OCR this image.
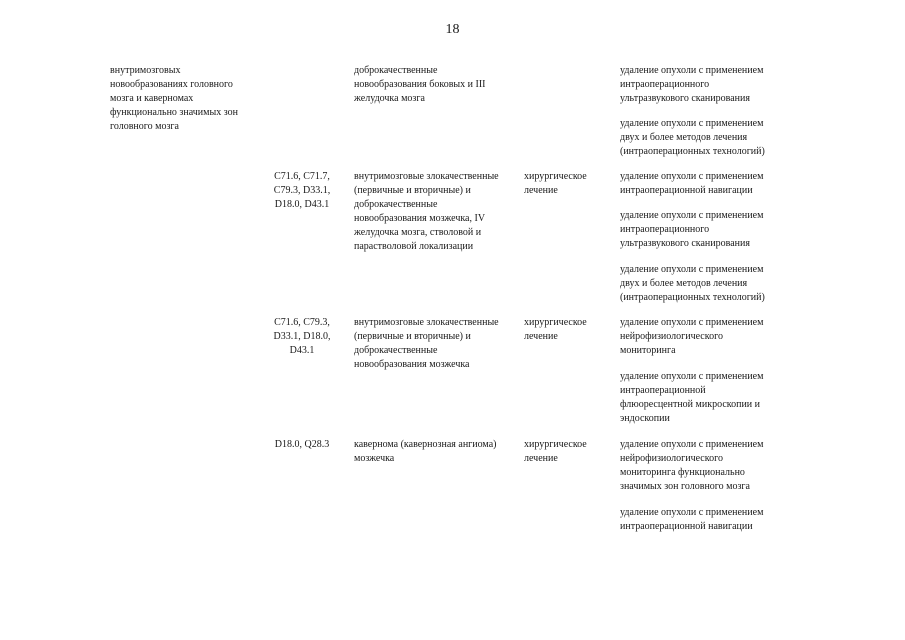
18
внутримозговых
новообразованиях головного
мозга и каверномах
функционально значимых зон
головного мозга
доброкачественные
новообразования боковых и III
желудочка мозга
удаление опухоли с применением
интраоперационного
ультразвукового сканирования
удаление опухоли с применением
двух и более методов лечения
(интраоперационных технологий)
C71.6, C71.7,
C79.3, D33.1,
D18.0, D43.1
внутримозговые злокачественные
(первичные и вторичные) и
доброкачественные
новообразования мозжечка, IV
желудочка мозга, стволовой и
парастволовой локализации
хирургическое
лечение
удаление опухоли с применением
интраоперационной навигации
удаление опухоли с применением
интраоперационного
ультразвукового сканирования
удаление опухоли с применением
двух и более методов лечения
(интраоперационных технологий)
C71.6, C79.3,
D33.1, D18.0,
D43.1
внутримозговые злокачественные
(первичные и вторичные) и
доброкачественные
новообразования мозжечка
хирургическое
лечение
удаление опухоли с применением
нейрофизиологического
мониторинга
удаление опухоли с применением
интраоперационной
флюоресцентной микроскопии и
эндоскопии
D18.0, Q28.3	кавернома (кавернозная ангиома)
мозжечка
хирургическое
лечение
удаление опухоли с применением
нейрофизиологического
мониторинга функционально
значимых зон головного мозга
удаление опухоли с применением
интраоперационной навигации
